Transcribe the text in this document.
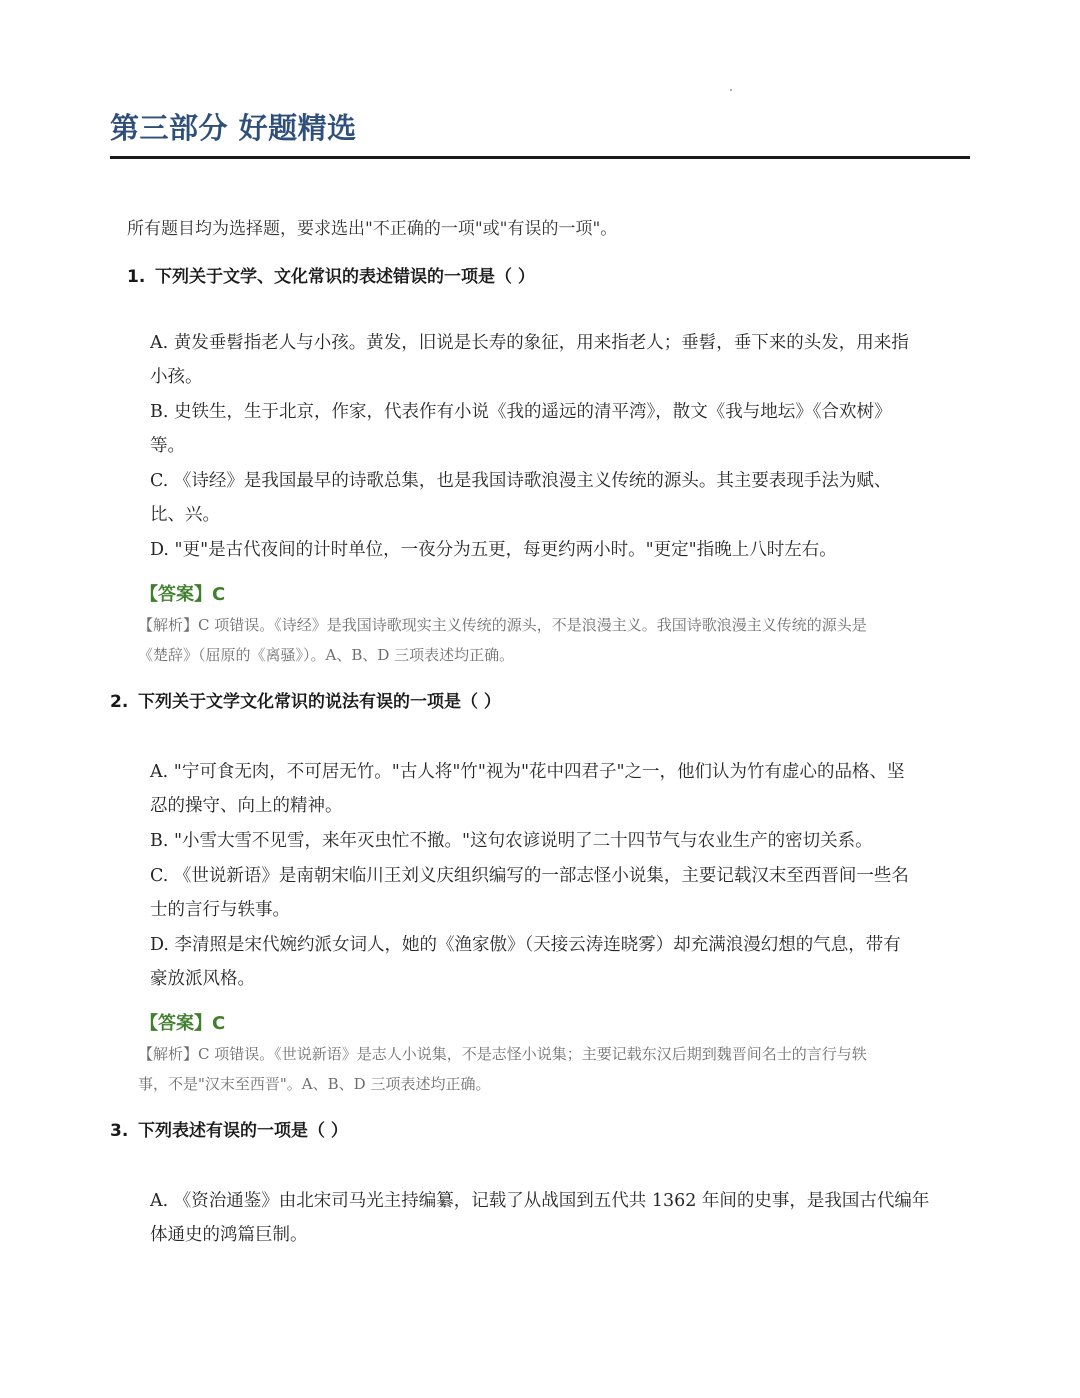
第三部分 好题精选
所有题目均为选择题，要求选出"不正确的一项"或"有误的一项"。
1. 下列关于文学、文化常识的表述错误的一项是（ ）
A. 黄发垂髫指老人与小孩。黄发，旧说是长寿的象征，用来指老人；垂髫，垂下来的头发，用来指
小孩。
B. 史铁生，生于北京，作家，代表作有小说《我的遥远的清平湾》，散文《我与地坛》《合欢树》
等。
C. 《诗经》是我国最早的诗歌总集，也是我国诗歌浪漫主义传统的源头。其主要表现手法为赋、
比、兴。
D. "更"是古代夜间的计时单位，一夜分为五更，每更约两小时。"更定"指晚上八时左右。
【答案】C
【解析】C 项错误。《诗经》是我国诗歌现实主义传统的源头，不是浪漫主义。我国诗歌浪漫主义传统的源头是
《楚辞》（屈原的《离骚》）。A、B、D 三项表述均正确。
2. 下列关于文学文化常识的说法有误的一项是（ ）
A. "宁可食无肉，不可居无竹。"古人将"竹"视为"花中四君子"之一，他们认为竹有虚心的品格、坚
忍的操守、向上的精神。
B. "小雪大雪不见雪，来年灭虫忙不撤。"这句农谚说明了二十四节气与农业生产的密切关系。
C. 《世说新语》是南朝宋临川王刘义庆组织编写的一部志怪小说集，主要记载汉末至西晋间一些名
士的言行与轶事。
D. 李清照是宋代婉约派女词人，她的《渔家傲》（天接云涛连晓雾）却充满浪漫幻想的气息，带有
豪放派风格。
【答案】C
【解析】C 项错误。《世说新语》是志人小说集，不是志怪小说集；主要记载东汉后期到魏晋间名士的言行与轶
事，不是"汉末至西晋"。A、B、D 三项表述均正确。
3. 下列表述有误的一项是（ ）
A. 《资治通鉴》由北宋司马光主持编纂，记载了从战国到五代共 1362 年间的史事，是我国古代编年
体通史的鸿篇巨制。
